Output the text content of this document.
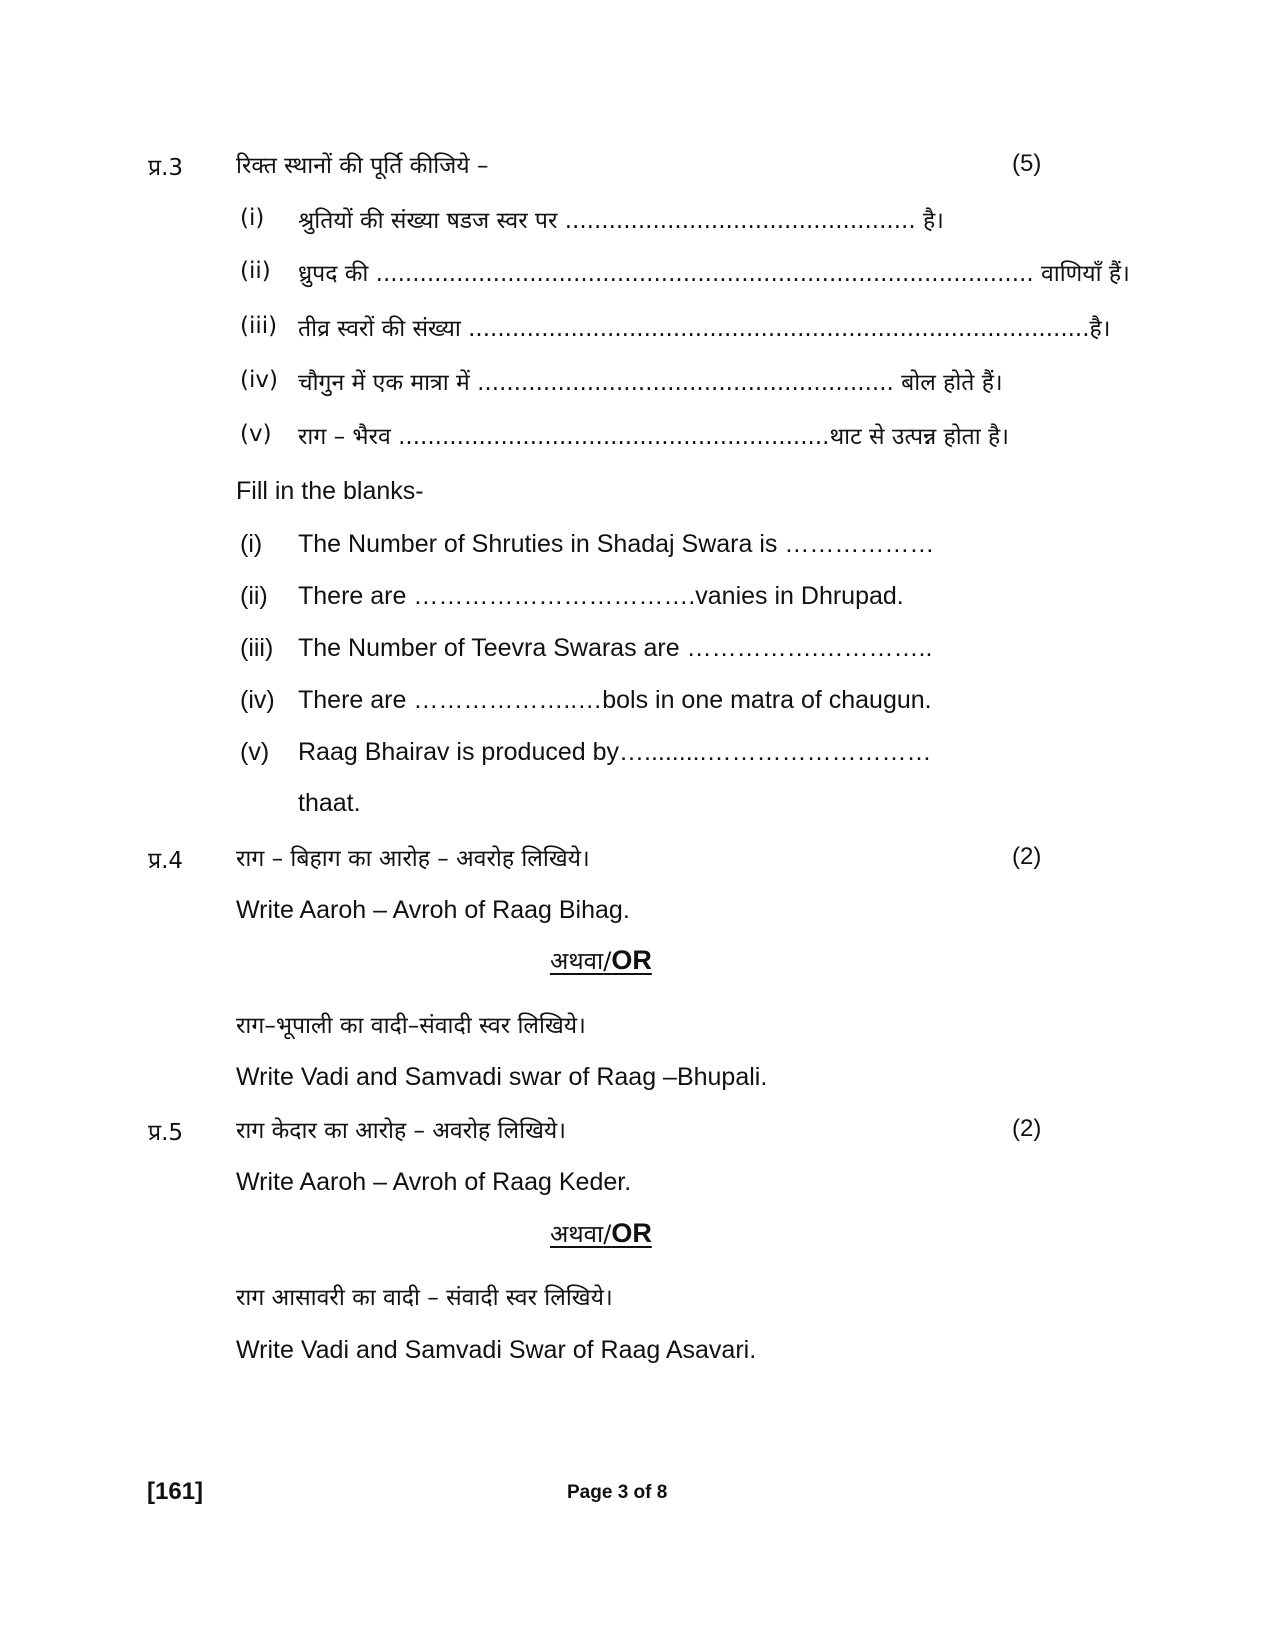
प्र.3 रिक्त स्थानों की पूर्ति कीजिये –	(5)
(i) श्रुतियों की संख्या षडज स्वर पर ................................................ है।
(ii) ध्रुपद की .......................................................................................... वाणियाँ हैं।
(iii) तीव्र स्वरों की संख्या .....................................................................................है।
(iv) चौगुन में एक मात्रा में ......................................................... बोल होते हैं।
(v) राग – भैरव ...........................................................थाट से उत्पन्न होता है।
Fill in the blanks-
(i) The Number of Shruties in Shadaj Swara is ………………
(ii) There are …………………………….vanies in Dhrupad.
(iii) The Number of Teevra Swaras are …………….…………..
(iv) There are ………………..…bols in one matra of chaugun.
(v) Raag Bhairav is produced by….........………………………
thaat.
प्र.4 राग – बिहाग का आरोह – अवरोह लिखिये।	(2)
Write Aaroh – Avroh of Raag Bihag.
अथवा/OR
राग–भूपाली का वादी–संवादी स्वर लिखिये।
Write Vadi and Samvadi swar of Raag –Bhupali.
प्र.5 राग केदार का आरोह – अवरोह लिखिये।	(2)
Write Aaroh – Avroh of Raag Keder.
अथवा/OR
राग आसावरी का वादी – संवादी स्वर लिखिये।
Write Vadi and Samvadi Swar of Raag Asavari.
[161]	Page 3 of 8
